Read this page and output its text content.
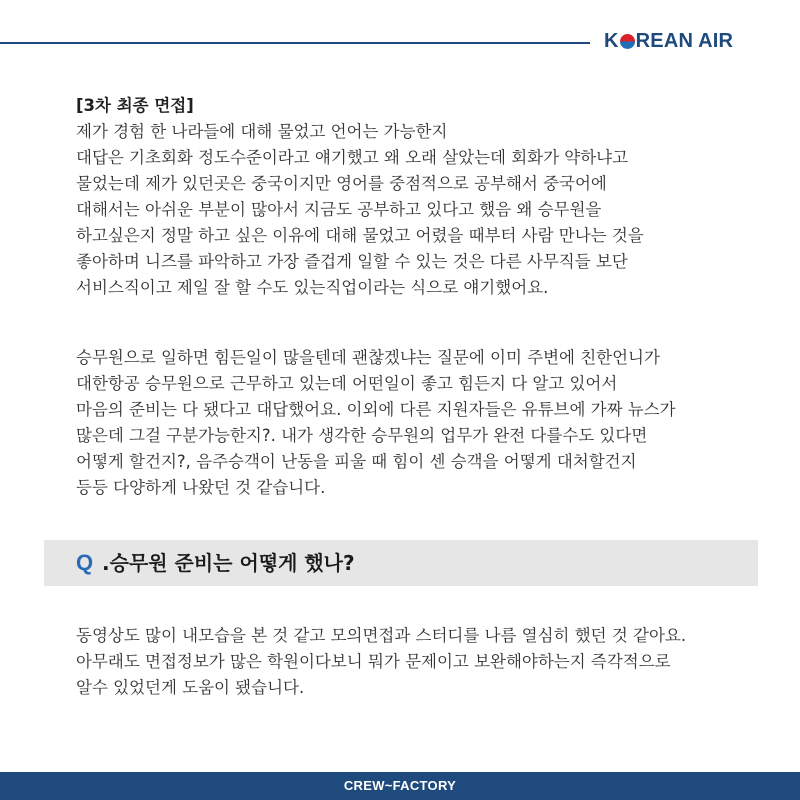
K REAN AIR
[3차 최종 면접]
제가 경험 한 나라들에 대해 물었고 언어는 가능한지
대답은 기초회화 정도수준이라고 얘기했고 왜 오래 살았는데 회화가 약하냐고
물었는데 제가 있던곳은 중국이지만 영어를 중점적으로 공부해서 중국어에
대해서는 아쉬운 부분이 많아서 지금도 공부하고 있다고 했음 왜 승무원을
하고싶은지 정말 하고 싶은 이유에 대해 물었고 어렸을 때부터 사람 만나는 것을
좋아하며 니즈를 파악하고 가장 즐겁게 일할 수 있는 것은 다른 사무직들 보단
서비스직이고 제일 잘 할 수도 있는직업이라는 식으로 얘기했어요.
승무원으로 일하면 힘든일이 많을텐데 괜찮겠냐는 질문에 이미 주변에 친한언니가
대한항공 승무원으로 근무하고 있는데 어떤일이 좋고 힘든지 다 알고 있어서
마음의 준비는 다 됐다고 대답했어요. 이외에 다른 지원자들은 유튜브에 가짜 뉴스가
많은데 그걸 구분가능한지?. 내가 생각한 승무원의 업무가 완전 다를수도 있다면
어떻게 할건지?, 음주승객이 난동을 피울 때 힘이 센 승객을 어떻게 대처할건지
등등 다양하게 나왔던 것 같습니다.
Q .승무원 준비는 어떻게 했나?
동영상도 많이 내모습을 본 것 같고 모의면접과 스터디를 나름 열심히 했던 것 같아요.
아무래도 면접정보가 많은 학원이다보니 뭐가 문제이고 보완해야하는지 즉각적으로
알수 있었던게 도움이 됐습니다.
CREW~FACTORY
